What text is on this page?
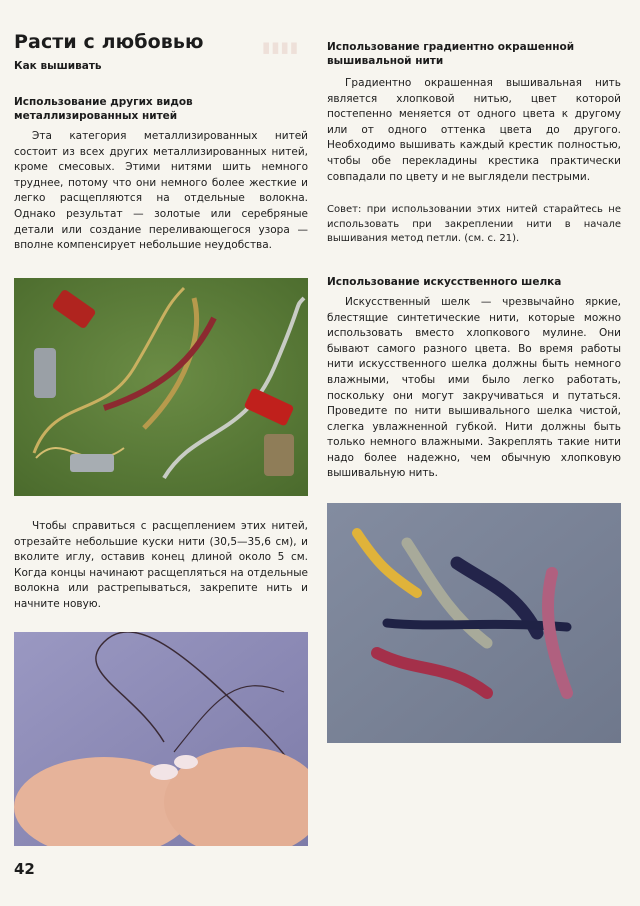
▮▮▮▮
Расти с любовью
Как вышивать
Использование других видов металлизированных нитей

Эта категория металлизированных нитей состоит из всех других металлизированных нитей, кроме смесовых. Этими нитями шить немного труднее, потому что они немного более жесткие и легко расщепляются на отдельные волокна. Однако результат — золотые или серебряные детали или создание переливающегося узора — вполне компенсирует небольшие неудобства.

Чтобы справиться с расщеплением этих нитей, отрезайте небольшие куски нити (30,5—35,6 см), и вколите иглу, оставив конец длиной около 5 см. Когда концы начинают расщепляться на отдельные волокна или растрепываться, закрепите нить и начните новую.

Использование градиентно окрашенной вышивальной нити

Градиентно окрашенная вышивальная нить является хлопковой нитью, цвет которой постепенно меняется от одного цвета к другому или от одного оттенка цвета до другого. Необходимо вышивать каждый крестик полностью, чтобы обе перекладины крестика практически совпадали по цвету и не выглядели пестрыми.

Совет: при использовании этих нитей старайтесь не использовать при закреплении нити в начале вышивания метод петли. (см. с. 21).

Использование искусственного шелка

Искусственный шелк — чрезвычайно яркие, блестящие синтетические нити, которые можно использовать вместо хлопкового мулине. Они бывают самого разного цвета. Во время работы нити искусственного шелка должны быть немного влажными, чтобы ими было легко работать, поскольку они могут закручиваться и путаться. Проведите по нити вышивального шелка чистой, слегка увлажненной губкой. Нити должны быть только немного влажными. Закреплять такие нити надо более надежно, чем обычную хлопковую вышивальную нить.

42
